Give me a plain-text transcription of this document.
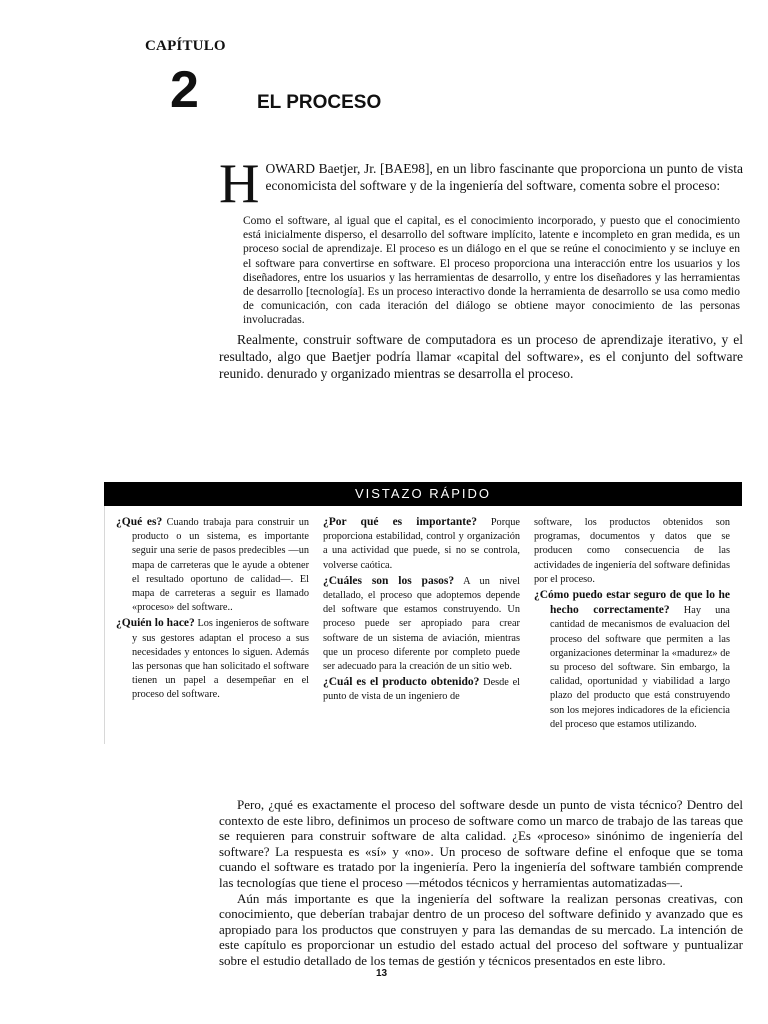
CAPÍTULO
2	EL PROCESO
H OWARD Baetjer, Jr. [BAE98], en un libro fascinante que proporciona un punto de vista economicista del software y de la ingeniería del software, comenta sobre el proceso:
Como el software, al igual que el capital, es el conocimiento incorporado, y puesto que el conocimiento está inicialmente disperso, el desarrollo del software implícito, latente e incompleto en gran medida, es un proceso social de aprendizaje. El proceso es un diálogo en el que se reúne el conocimiento y se incluye en el software para convertirse en software. El proceso proporciona una interacción entre los usuarios y los diseñadores, entre los usuarios y las herramientas de desarrollo, y entre los diseñadores y las herramientas de desarrollo [tecnología]. Es un proceso interactivo donde la herramienta de desarrollo se usa como medio de comunicación, con cada iteración del diálogo se obtiene mayor conocimiento de las personas involucradas.
Realmente, construir software de computadora es un proceso de aprendizaje iterativo, y el resultado, algo que Baetjer podría llamar «capital del software», es el conjunto del software reunido. denurado y organizado mientras se desarrolla el proceso.
VISTAZO RÁPIDO

¿Qué es? Cuando trabaja para construir un producto o un sistema, es importante seguir una serie de pasos predecibles —un mapa de carreteras que le ayude a obtener el resultado oportuno de calidad—. El mapa de carreteras a seguir es llamado «proceso» del software..

¿Quién lo hace? Los ingenieros de software y sus gestores adaptan el proceso a sus necesidades y entonces lo siguen. Además las personas que han solicitado el software tienen un papel a desempeñar en el proceso del software.

¿Por qué es importante? Porque proporciona estabilidad, control y organización a una actividad que puede, si no se controla, volverse caótica.

¿Cuáles son los pasos? A un nivel detallado, el proceso que adoptemos depende del software que estamos construyendo. Un proceso puede ser apropiado para crear software de un sistema de aviación, mientras que un proceso diferente por completo puede ser adecuado para la creación de un sitio web.

¿Cuál es el producto obtenido? Desde el punto de vista de un ingeniero de

software, los productos obtenidos son programas, documentos y datos que se producen como consecuencia de las actividades de ingeniería del software definidas por el proceso.

¿Cómo puedo estar seguro de que lo he hecho correctamente? Hay una cantidad de mecanismos de evaluacion del proceso del software que permiten a las organizaciones determinar la «madurez» de su proceso del software. Sin embargo, la calidad, oportunidad y viabilidad a largo plazo del producto que está construyendo son los mejores indicadores de la eficiencia del proceso que estamos utilizando.

Pero, ¿qué es exactamente el proceso del software desde un punto de vista técnico? Dentro del contexto de este libro, definimos un proceso de software como un marco de trabajo de las tareas que se requieren para construir software de alta calidad. ¿Es «proceso» sinónimo de ingeniería del software? La respuesta es «sí» y «no». Un proceso de software define el enfoque que se toma cuando el software es tratado por la ingeniería. Pero la ingeniería del software también comprende las tecnologías que tiene el proceso —métodos técnicos y herramientas automatizadas—.

Aún más importante es que la ingeniería del software la realizan personas creativas, con conocimiento, que deberían trabajar dentro de un proceso del software definido y avanzado que es apropiado para los productos que construyen y para las demandas de su mercado. La intención de este capítulo es proporcionar un estudio del estado actual del proceso del software y puntualizar sobre el estudio detallado de los temas de gestión y técnicos presentados en este libro.

13
